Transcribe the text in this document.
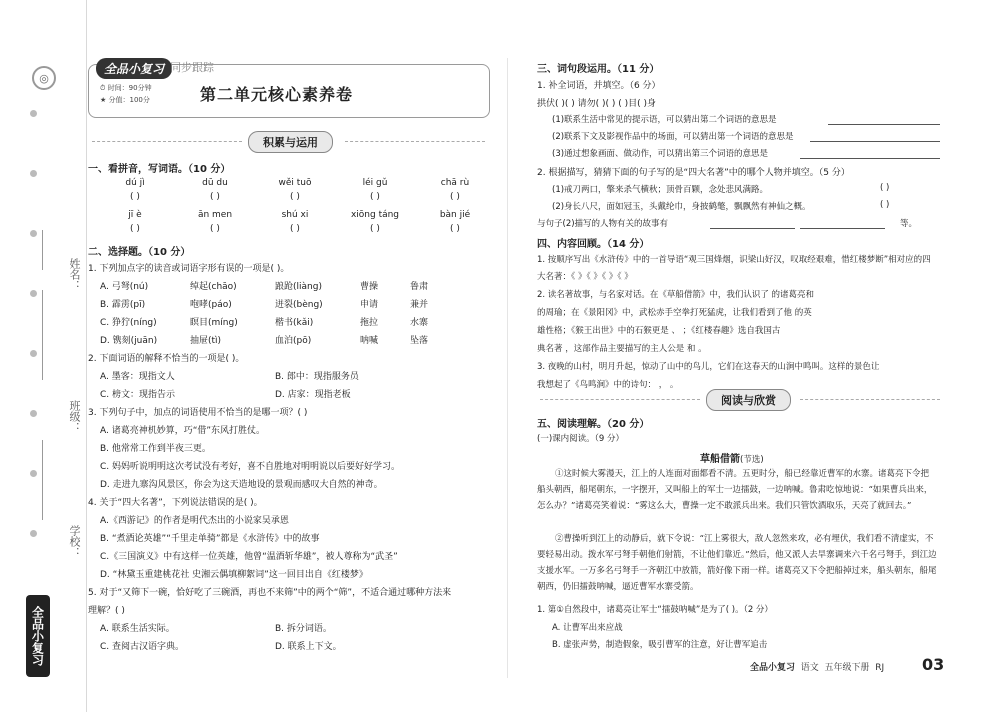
◎
姓名：
班级：
学校：
全品小复习
全品小复习 同步跟踪
⏱ 时间：90分钟
★ 分值：100分	第二单元核心素养卷
积累与运用
一、看拼音，写词语。（10 分）
dú jì	dū du	wěi tuō	léi gǔ	chā rù
( )	( )	( )	( )	( )
jī è	ān men	shú xi	xiōng táng	bàn jié
( )	( )	( )	( )	( )
二、选择题。（10 分）
1. 下列加点字的读音或词语字形有误的一项是( )。
A. 弓弩(nú)	绰起(chāo)	踉跄(liàng)	曹操	鲁肃
B. 霹雳(pī)	咆哮(páo)	迸裂(bèng)	申请	兼并
C. 狰狞(níng)	瞑目(míng)	楷书(kǎi)	拖拉	水寨
D. 镌刻(juān)	抽屉(tì)	血泊(pō)	呐喊	坠落
2. 下面词语的解释不恰当的一项是( )。
A. 墨客：现指文人	B. 郎中：现指服务员
C. 榜文：现指告示	D. 店家：现指老板
3. 下列句子中，加点的词语使用不恰当的是哪一项？( )
A. 诸葛亮神机妙算，巧“借”东风打胜仗。
B. 他常常工作到半夜三更。
C. 妈妈听说明明这次考试没有考好，喜不自胜地对明明说以后要好好学习。
D. 走进九寨沟风景区，你会为这天造地设的景观而感叹大自然的神奇。
4. 关于“四大名著”，下列说法错误的是( )。
A.《西游记》的作者是明代杰出的小说家吴承恩
B. “煮酒论英雄”“千里走单骑”都是《水浒传》中的故事
C.《三国演义》中有这样一位英雄，他曾“温酒斩华雄”，被人尊称为“武圣”
D. “林黛玉重建桃花社 史湘云偶填柳絮词”这一回目出自《红楼梦》
5. 对于“又筛下一碗，恰好吃了三碗酒，再也不来筛”中的两个“筛”，不适合通过哪种方法来
理解？( )
A. 联系生活实际。	B. 拆分词语。
C. 查阅古汉语字典。	D. 联系上下文。
三、词句段运用。（11 分）
1. 补全词语，并填空。（6 分）
拱伏( )( ) 请勿( )( ) ( )目( )身
(1)联系生活中常见的提示语，可以猜出第二个词语的意思是
(2)联系下文及影视作品中的场面，可以猜出第一个词语的意思是
(3)通过想象画面、做动作，可以猜出第三个词语的意思是
2. 根据描写，猜猜下面的句子写的是“四大名著”中的哪个人物并填空。（5 分）
(1)戒刀两口，擎来杀气横秋；顶骨百颗，念处悲风满路。	( )
(2)身长八尺，面如冠玉，头戴纶巾，身披鹤氅，飘飘然有神仙之概。	( )
与句子(2)描写的人物有关的故事有	等。
四、内容回顾。（14 分）
1. 按顺序写出《水浒传》中的一首导语“观三国烽烟，识梁山好汉，叹取经艰难，惜红楼梦断”相对应的四
大名著：《 》《 》《 》《 》
2. 读名著故事，与名家对话。在《草船借箭》中，我们认识了 的诸葛亮和
的周瑜；在《景阳冈》中，武松赤手空拳打死猛虎，让我们看到了他 的英
雄性格；《猴王出世》中的石猴更是 、 ；《红楼春趣》选自我国古
典名著 ，这部作品主要描写的主人公是 和 。
3. 夜晚的山村，明月升起，惊动了山中的鸟儿，它们在这春天的山涧中鸣叫。这样的景色让
我想起了《鸟鸣涧》中的诗句： ， 。
阅读与欣赏
五、阅读理解。（20 分）
(一)课内阅读。（9 分）
草船借箭(节选)
①这时候大雾漫天，江上的人连面对面都看不清。五更时分，船已经靠近曹军的水寨。诸葛亮下令把船头朝西，船尾朝东，一字摆开，又叫船上的军士一边擂鼓，一边呐喊。鲁肃吃惊地说：“如果曹兵出来，怎么办？”诸葛亮笑着说：“雾这么大，曹操一定不敢派兵出来。我们只管饮酒取乐，天亮了就回去。”
②曹操听到江上的动静后，就下令说：“江上雾很大，敌人忽然来攻，必有埋伏，我们看不清虚实，不要轻易出动。拨水军弓弩手朝他们射箭，不让他们靠近。”然后，他又派人去旱寨调来六千名弓弩手，到江边支援水军。一万多名弓弩手一齐朝江中放箭，箭好像下雨一样。诸葛亮又下令把船掉过来，船头朝东，船尾朝西，仍旧擂鼓呐喊，逼近曹军水寨受箭。
1. 第①自然段中，诸葛亮让军士“擂鼓呐喊”是为了( )。（2 分）
A. 让曹军出来应战
B. 虚张声势，制造假象，吸引曹军的注意，好让曹军追击
全品小复习 语文 五年级下册 RJ 03
